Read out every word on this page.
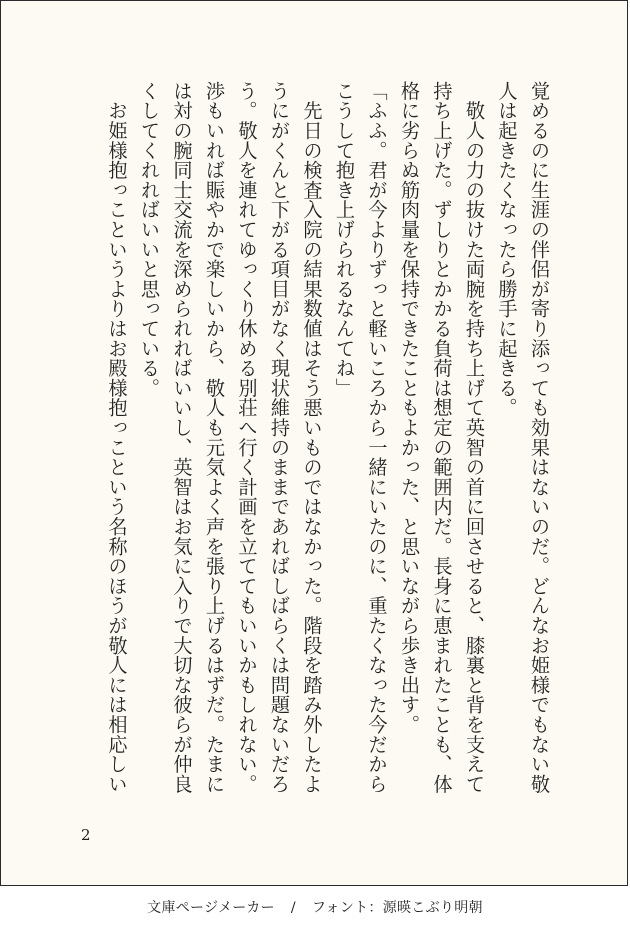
覚めるのに生涯の伴侶が寄り添っても効果はないのだ。どんなお姫様でもない敬
人は起きたくなったら勝手に起きる。

　敬人の力の抜けた両腕を持ち上げて英智の首に回させると、膝裏と背を支えて
持ち上げた。ずしりとかかる負荷は想定の範囲内だ。長身に恵まれたことも、体
格に劣らぬ筋肉量を保持できたこともよかった、と思いながら歩き出す。

「ふふ。君が今よりずっと軽いころから一緒にいたのに、重たくなった今だから
こうして抱き上げられるなんてね」

　先日の検査入院の結果数値はそう悪いものではなかった。階段を踏み外したよ
うにがくんと下がる項目がなく現状維持のままであればしばらくは問題ないだろ
う。敬人を連れてゆっくり休める別荘へ行く計画を立ててもいいかもしれない。
渉もいれば賑やかで楽しいから、敬人も元気よく声を張り上げるはずだ。たまに
は対の腕同士交流を深められればいいし、英智はお気に入りで大切な彼らが仲良
くしてくれればいいと思っている。

　お姫様抱っこというよりはお殿様抱っこという名称のほうが敬人には相応しい

2
文庫ページメーカー / フォント：源暎こぶり明朝
